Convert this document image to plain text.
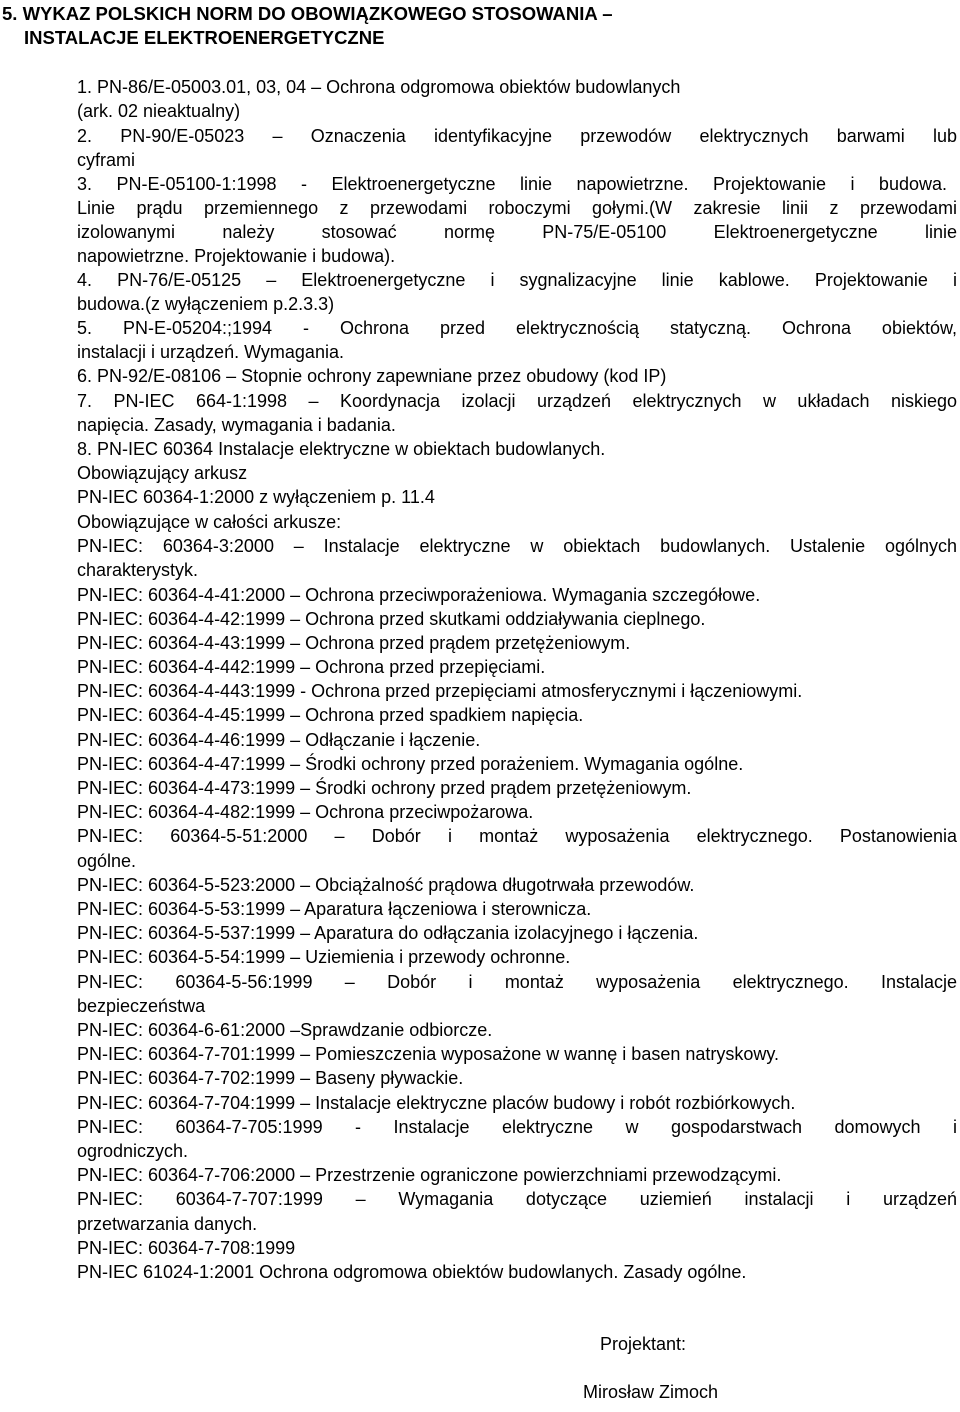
5. WYKAZ POLSKICH NORM DO OBOWIĄZKOWEGO STOSOWANIA –
INSTALACJE ELEKTROENERGETYCZNE
1. PN-86/E-05003.01, 03, 04 – Ochrona odgromowa obiektów budowlanych
(ark. 02 nieaktualny)
2. PN-90/E-05023 – Oznaczenia identyfikacyjne przewodów elektrycznych barwami lub
cyframi
3. PN-E-05100-1:1998 - Elektroenergetyczne linie napowietrzne. Projektowanie i budowa.
Linie prądu przemiennego z przewodami roboczymi gołymi.(W zakresie linii z przewodami
izolowanymi należy stosować normę PN-75/E-05100 Elektroenergetyczne linie
napowietrzne. Projektowanie i budowa).
4. PN-76/E-05125 – Elektroenergetyczne i sygnalizacyjne linie kablowe. Projektowanie i
budowa.(z wyłączeniem p.2.3.3)
5. PN-E-05204:;1994 - Ochrona przed elektrycznością statyczną. Ochrona obiektów,
instalacji i urządzeń. Wymagania.
6. PN-92/E-08106 – Stopnie ochrony zapewniane przez obudowy (kod IP)
7. PN-IEC 664-1:1998 – Koordynacja izolacji urządzeń elektrycznych w układach niskiego
napięcia. Zasady, wymagania i badania.
8. PN-IEC 60364 Instalacje elektryczne w obiektach budowlanych.
Obowiązujący arkusz
PN-IEC 60364-1:2000 z wyłączeniem p. 11.4
Obowiązujące w całości arkusze:
PN-IEC: 60364-3:2000 – Instalacje elektryczne w obiektach budowlanych. Ustalenie ogólnych
charakterystyk.
PN-IEC: 60364-4-41:2000 – Ochrona przeciwporażeniowa. Wymagania szczegółowe.
PN-IEC: 60364-4-42:1999 – Ochrona przed skutkami oddziaływania cieplnego.
PN-IEC: 60364-4-43:1999 – Ochrona przed prądem przetężeniowym.
PN-IEC: 60364-4-442:1999 – Ochrona przed przepięciami.
PN-IEC: 60364-4-443:1999 - Ochrona przed przepięciami atmosferycznymi i łączeniowymi.
PN-IEC: 60364-4-45:1999 – Ochrona przed spadkiem napięcia.
PN-IEC: 60364-4-46:1999 – Odłączanie i łączenie.
PN-IEC: 60364-4-47:1999 – Środki ochrony przed porażeniem. Wymagania ogólne.
PN-IEC: 60364-4-473:1999 – Środki ochrony przed prądem przetężeniowym.
PN-IEC: 60364-4-482:1999 – Ochrona przeciwpożarowa.
PN-IEC: 60364-5-51:2000 – Dobór i montaż wyposażenia elektrycznego. Postanowienia
ogólne.
PN-IEC: 60364-5-523:2000 – Obciążalność prądowa długotrwała przewodów.
PN-IEC: 60364-5-53:1999 – Aparatura łączeniowa i sterownicza.
PN-IEC: 60364-5-537:1999 – Aparatura do odłączania izolacyjnego i łączenia.
PN-IEC: 60364-5-54:1999 – Uziemienia i przewody ochronne.
PN-IEC: 60364-5-56:1999 – Dobór i montaż wyposażenia elektrycznego. Instalacje
bezpieczeństwa
PN-IEC: 60364-6-61:2000 –Sprawdzanie odbiorcze.
PN-IEC: 60364-7-701:1999 – Pomieszczenia wyposażone w wannę i basen natryskowy.
PN-IEC: 60364-7-702:1999 – Baseny pływackie.
PN-IEC: 60364-7-704:1999 – Instalacje elektryczne placów budowy i robót rozbiórkowych.
PN-IEC: 60364-7-705:1999 - Instalacje elektryczne w gospodarstwach domowych i
ogrodniczych.
PN-IEC: 60364-7-706:2000 – Przestrzenie ograniczone powierzchniami przewodzącymi.
PN-IEC: 60364-7-707:1999 – Wymagania dotyczące uziemień instalacji i urządzeń
przetwarzania danych.
PN-IEC: 60364-7-708:1999
PN-IEC 61024-1:2001 Ochrona odgromowa obiektów budowlanych. Zasady ogólne.
Projektant:
Mirosław Zimoch
